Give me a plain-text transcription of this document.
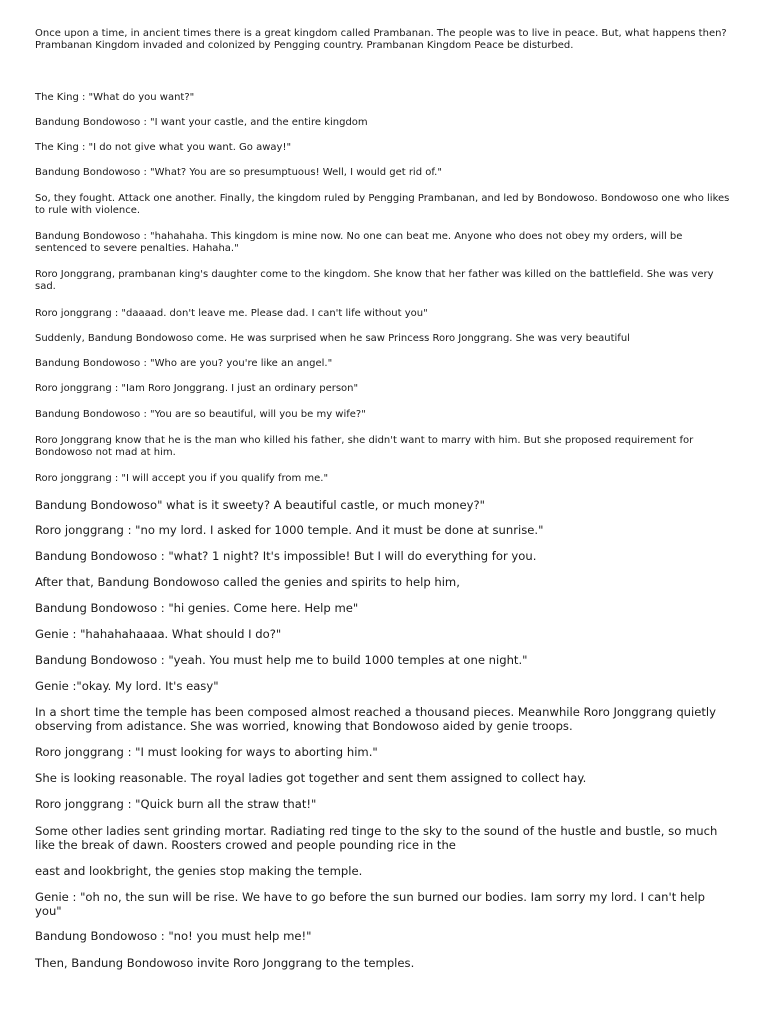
Once upon a time, in ancient times there is a great kingdom called Prambanan. The people was to live in peace. But, what happens then? Prambanan Kingdom invaded and colonized by Pengging country. Prambanan Kingdom Peace be disturbed.

The King : "What do you want?"

Bandung Bondowoso : "I want your castle, and the entire kingdom

The King : "I do not give what you want. Go away!"

Bandung Bondowoso : "What? You are so presumptuous! Well, I would get rid of."

So, they fought. Attack one another. Finally, the kingdom ruled by Pengging Prambanan, and led by Bondowoso. Bondowoso one who likes to rule with violence.

Bandung Bondowoso : "hahahaha. This kingdom is mine now. No one can beat me. Anyone who does not obey my orders, will be sentenced to severe penalties. Hahaha."

Roro Jonggrang, prambanan king's daughter come to the kingdom. She know that her father was killed on the battlefield. She was very sad.

Roro jonggrang : "daaaad. don't leave me. Please dad. I can't life without you"

Suddenly, Bandung Bondowoso come. He was surprised when he saw Princess Roro Jonggrang. She was very beautiful

Bandung Bondowoso : "Who are you? you're like an angel."

Roro jonggrang : "Iam Roro Jonggrang. I just an ordinary person"

Bandung Bondowoso : "You are so beautiful, will you be my wife?"

Roro Jonggrang know that he is the man who killed his father, she didn't want to marry with him. But she proposed requirement for Bondowoso not mad at him.

Roro jonggrang : "I will accept you if you qualify from me."

Bandung Bondowoso" what is it sweety? A beautiful castle, or much money?"

Roro jonggrang : "no my lord. I asked for 1000 temple. And it must be done at sunrise."

Bandung Bondowoso : "what? 1 night? It's impossible! But I will do everything for you.

After that, Bandung Bondowoso called the genies and spirits to help him,

Bandung Bondowoso : "hi genies. Come here. Help me"

Genie : "hahahahaaaa. What should I do?"

Bandung Bondowoso : "yeah. You must help me to build 1000 temples at one night."

Genie :"okay. My lord. It's easy"

In a short time the temple has been composed almost reached a thousand pieces. Meanwhile Roro Jonggrang quietly observing from adistance. She was worried, knowing that Bondowoso aided by genie troops.

Roro jonggrang : "I must looking for ways to aborting him."

She is looking reasonable. The royal ladies got together and sent them assigned to collect hay.

Roro jonggrang : "Quick burn all the straw that!"

Some other ladies sent grinding mortar. Radiating red tinge to the sky to the sound of the hustle and bustle, so much like the break of dawn. Roosters crowed and people pounding rice in the

east and lookbright, the genies stop making the temple.

Genie : "oh no, the sun will be rise. We have to go before the sun burned our bodies. Iam sorry my lord. I can't help you"

Bandung Bondowoso : "no! you must help me!"

Then, Bandung Bondowoso invite Roro Jonggrang to the temples.
